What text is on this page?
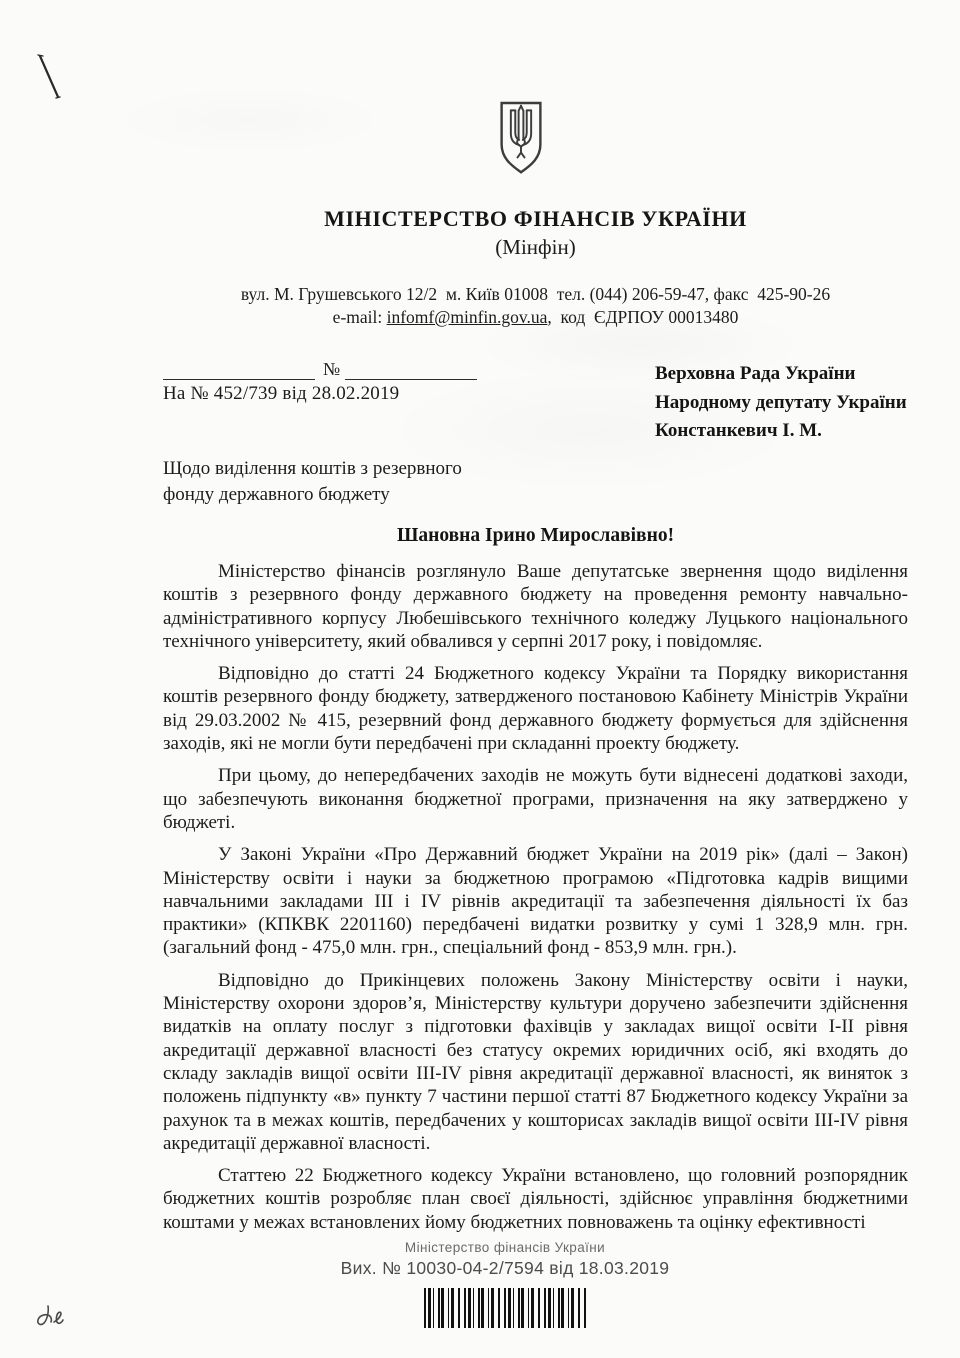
МІНІСТЕРСТВО ФІНАНСІВ УКРАЇНИ
(Мінфін)
вул. М. Грушевського 12/2  м. Київ 01008  тел. (044) 206-59-47, факс  425-90-26
e-mail: infomf@minfin.gov.ua,  код  ЄДРПОУ 00013480
№
На № 452/739 від 28.02.2019
Верховна Рада України
Народному депутату України
Констанкевич І. М.
Щодо виділення коштів з резервного
фонду державного бюджету
Шановна Ірино Мирославівно!

Міністерство фінансів розглянуло Ваше депутатське звернення щодо виділення коштів з резервного фонду державного бюджету на проведення ремонту навчально-адміністративного корпусу Любешівського технічного коледжу Луцького національного технічного університету, який обвалився у серпні 2017 року, і повідомляє.

Відповідно до статті 24 Бюджетного кодексу України та Порядку використання коштів резервного фонду бюджету, затвердженого постановою Кабінету Міністрів України від 29.03.2002 № 415, резервний фонд державного бюджету формується для здійснення заходів, які не могли бути передбачені при складанні проекту бюджету.

При цьому, до непередбачених заходів не можуть бути віднесені додаткові заходи, що забезпечують виконання бюджетної програми, призначення на яку затверджено у бюджеті.

У Законі України «Про Державний бюджет України на 2019 рік» (далі – Закон) Міністерству освіти і науки за бюджетною програмою «Підготовка кадрів вищими навчальними закладами III і IV рівнів акредитації та забезпечення діяльності їх баз практики» (КПКВК 2201160) передбачені видатки розвитку у сумі 1 328,9 млн. грн. (загальний фонд - 475,0 млн. грн., спеціальний фонд - 853,9 млн. грн.).

Відповідно до Прикінцевих положень Закону Міністерству освіти і науки, Міністерству охорони здоров’я, Міністерству культури доручено забезпечити здійснення видатків на оплату послуг з підготовки фахівців у закладах вищої освіти I-II рівня акредитації державної власності без статусу окремих юридичних осіб, які входять до складу закладів вищої освіти III-IV рівня акредитації державної власності, як виняток з положень підпункту «в» пункту 7 частини першої статті 87 Бюджетного кодексу України за рахунок та в межах коштів, передбачених у кошторисах закладів вищої освіти III-IV рівня акредитації державної власності.

Статтею 22 Бюджетного кодексу України встановлено, що головний розпорядник бюджетних коштів розробляє план своєї діяльності, здійснює управління бюджетними коштами у межах встановлених йому бюджетних повноважень та оцінку ефективності

Міністерство фінансів України
Вих. № 10030-04-2/7594 від 18.03.2019
